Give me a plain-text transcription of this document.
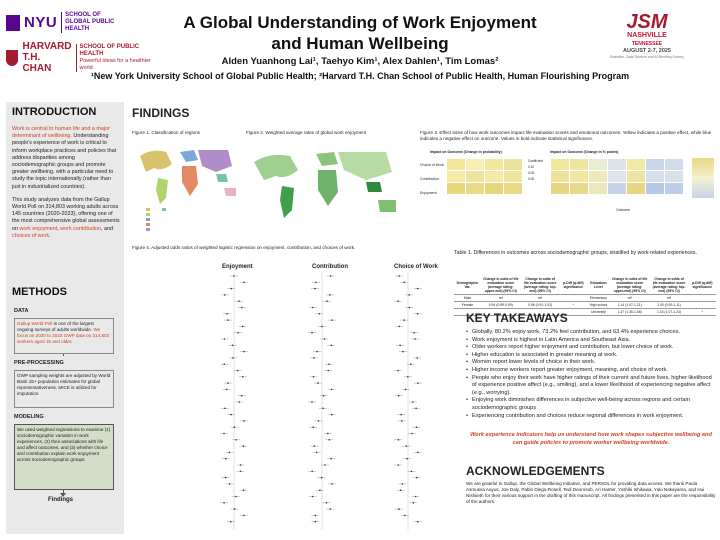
NYU	SCHOOL OF GLOBAL PUBLIC HEALTH
HARVARD
T.H. CHAN
SCHOOL OF PUBLIC HEALTH
Powerful ideas for a healthier world
A Global Understanding of Work Enjoyment
and Human Wellbeing
Alden Yuanhong Lai¹, Taehyo Kim¹, Alex Dahlen¹, Tim Lomas²
¹New York University School of Global Public Health; ²Harvard T.H. Chan School of Public Health, Human Flourishing Program
JSM
NASHVILLE
TENNESSEE
AUGUST 2-7, 2025
Statistics, Data Science and AI Bending Society
INTRODUCTION

Work is central to human life and a major determinant of wellbeing. Understanding people's experience of work is critical to inform workplace practices and policies that address disparities among sociodemographic groups and promote greater wellbeing, with a particular need to study the topic internationally (rather than just in industrialized countries).

This study analyzes data from the Gallup World Poll on 314,803 working adults across 145 countries (2020-2023), offering one of the most comprehensive global assessments on work enjoyment, work contribution, and choices of work.

METHODS
DATA
Gallup World Poll is one of the largest ongoing surveys of adults worldwide. We focus on 2020 to 2023 GWP data on 314,803 workers aged 15 and older.
PRE-PROCESSING
GWP sampling weights are adjusted by World Bank 15+ population estimates for global representativeness. MICE is utilized for imputation.
MODELING
We used weighted regressions to examine (1) sociodemographic variation in work experiences, (2) their associations with life and affect outcomes, and (3) whether choice and contribution explain work enjoyment across sociodemographic groups.
Findings
FINDINGS
Figure 1. Classification of regions	Figure 2. Weighted average rates of global work enjoyment	Figure 3. Effect sizes of how work outcomes impact life evaluation scores and emotional outcomes. Yellow indicates a positive effect, while blue indicates a negative effect on outcome. Values in bold indicate statistical significance.
Impact on Outcome (Change in probability)	Impact on Outcome (Change in % points)
Choice of Work
Contribution
Enjoyment

Coefficient
0.10
0.05
0.00

Outcome
Figure 4. Adjusted odds ratios of weighted logistic regression on enjoyment, contribution, and choices of work.
Enjoyment	Contribution	Choice of Work
Table 1. Differences in outcomes across sociodemographic groups, stratified by work-related experiences.
Demographic Var.	Change in odds of life evaluation score (average rating: upper-end) (95% CI)	Change in odds of life evaluation score (average rating: top-end) (95% CI)	p-Diff (q-diff) significance	Education Level	Change in odds of life evaluation score (average rating: upper-end) (95% CI)	Change in odds of life evaluation score (average rating: top-end) (95% CI)	p-Diff (q-diff) significance
Male	ref	ref		Elementary	ref	ref	
Female	0.94 (0.89-0.99)	0.96 (0.91-1.02)	*	High school	1.14 (1.07-1.21)	1.05 (0.99-1.11)	
				University	1.47 (1.36-1.58)	1.15 (1.07-1.24)	*
KEY TAKEAWAYS
• Globally, 80.2% enjoy work, 73.2% feel contribution, and 63.4% experience choices.
• Work enjoyment is highest in Latin America and Southeast Asia.
• Older workers report higher enjoyment and contribution, but lower choice of work.
• Higher education is associated in greater meaning at work.
• Women report lower levels of choice in their work.
• Higher income workers report greater enjoyment, meaning, and choice of work.
• People who enjoy their work have higher ratings of their current and future lives, higher likelihood of experience positive affect (e.g., smiling), and a lower likelihood of experiencing negative affect (e.g., worrying).
• Enjoying work diminishes differences in subjective well-being across regions and certain sociodemographic groups
• Experiencing contribution and choices reduce regional differences in work enjoyment.
Work experience indicators help us understand how work shapes subjective wellbeing and can guide policies to promote worker wellbeing worldwide.
ACKNOWLEDGEMENTS
We are grateful to Gallup, the Global Wellbeing Initiative, and PERSOL for providing data access. We thank Paula Asmussa Aayus, Joe Daly, Pablo Diego-Rosell, Tedi Deorosob, Ari Hanter, Yoshiki Ishikawa, Yuki Nakayama, and Hui Nishiieth for their various support in the drafting of this manuscript. All findings presented in this paper are the responsibility of the authors.
